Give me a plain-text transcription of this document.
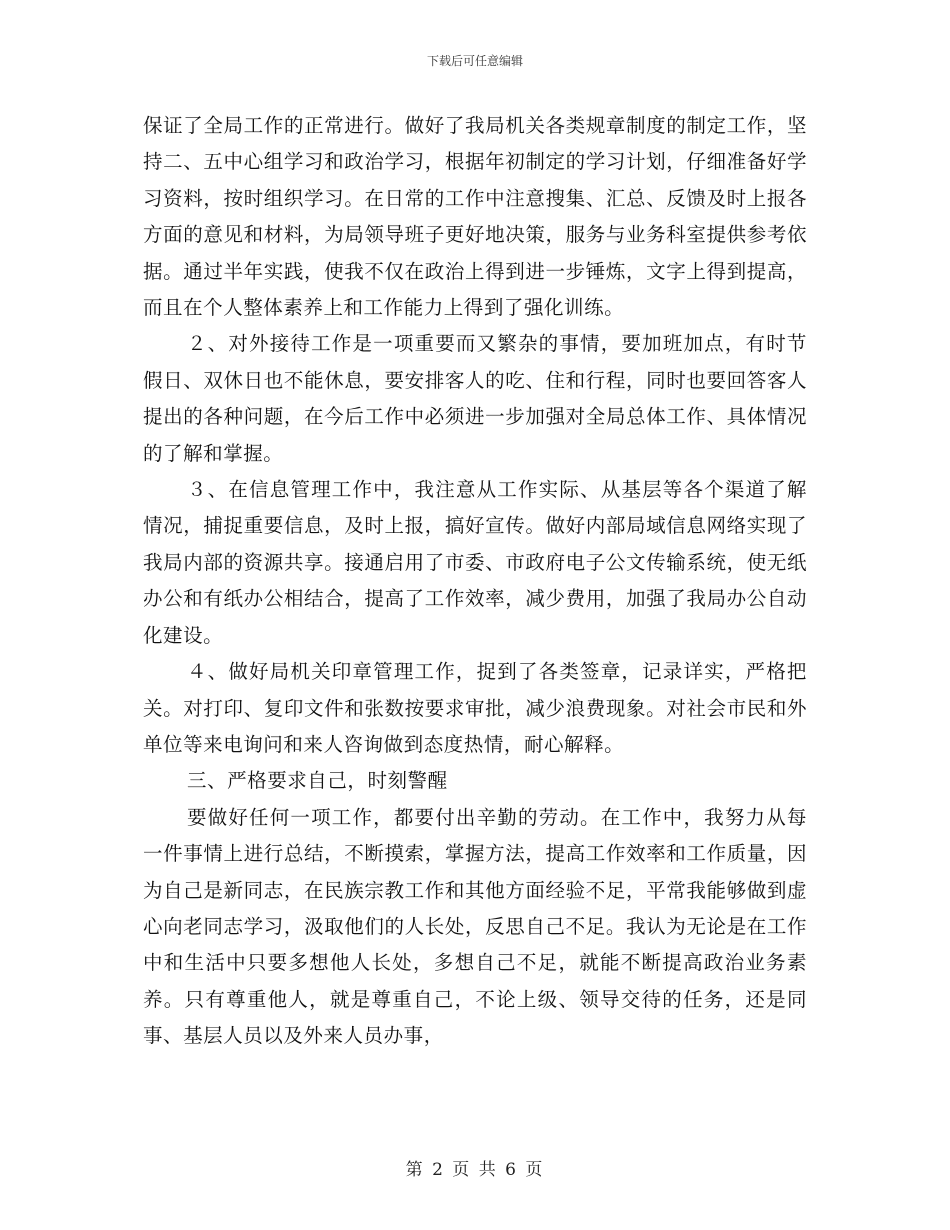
下载后可任意编辑

保证了全局工作的正常进行。做好了我局机关各类规章制度的制定工作，坚持二、五中心组学习和政治学习，根据年初制定的学习计划，仔细准备好学习资料，按时组织学习。在日常的工作中注意搜集、汇总、反馈及时上报各方面的意见和材料，为局领导班子更好地决策，服务与业务科室提供参考依据。通过半年实践，使我不仅在政治上得到进一步锤炼，文字上得到提高，而且在个人整体素养上和工作能力上得到了强化训练。

２、对外接待工作是一项重要而又繁杂的事情，要加班加点，有时节假日、双休日也不能休息，要安排客人的吃、住和行程，同时也要回答客人提出的各种问题，在今后工作中必须进一步加强对全局总体工作、具体情况的了解和掌握。

３、在信息管理工作中，我注意从工作实际、从基层等各个渠道了解情况，捕捉重要信息，及时上报，搞好宣传。做好内部局域信息网络实现了我局内部的资源共享。接通启用了市委、市政府电子公文传输系统，使无纸办公和有纸办公相结合，提高了工作效率，减少费用，加强了我局办公自动化建设。

４、做好局机关印章管理工作，捉到了各类签章，记录详实，严格把关。对打印、复印文件和张数按要求审批，减少浪费现象。对社会市民和外单位等来电询问和来人咨询做到态度热情，耐心解释。

三、严格要求自己，时刻警醒

要做好任何一项工作，都要付出辛勤的劳动。在工作中，我努力从每一件事情上进行总结，不断摸索，掌握方法，提高工作效率和工作质量，因为自己是新同志，在民族宗教工作和其他方面经验不足，平常我能够做到虚心向老同志学习，汲取他们的人长处，反思自己不足。我认为无论是在工作中和生活中只要多想他人长处，多想自己不足，就能不断提高政治业务素养。只有尊重他人，就是尊重自己，不论上级、领导交待的任务，还是同事、基层人员以及外来人员办事，

第 2 页 共 6 页
